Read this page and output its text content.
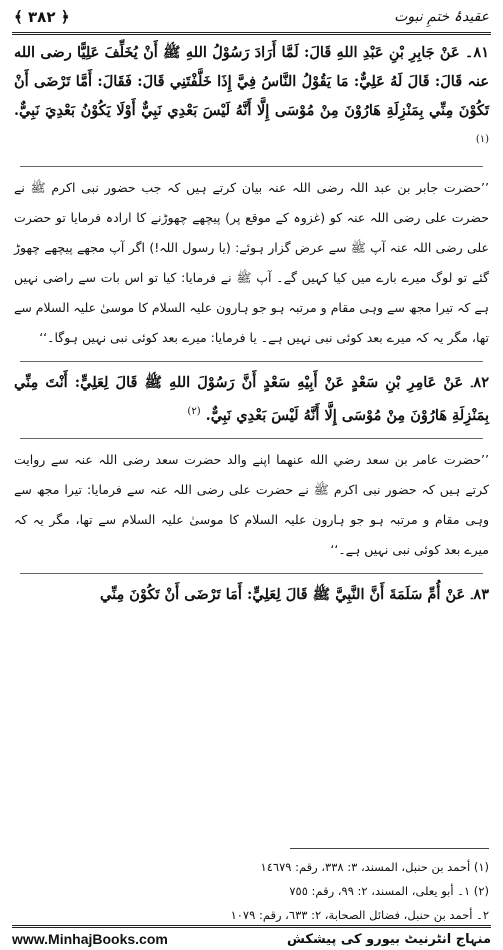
﴿ ۳۸۲ ﴾	عقیدۂ ختمِ نبوت

٨١۔ عَنْ جَابِرِ بْنِ عَبْدِ اللهِ قَالَ: لَمَّا أَرَادَ رَسُوْلُ اللهِ ﷺ أَنْ يُخَلِّفَ عَلِيًّا رضی الله عنہ قَالَ: قَالَ لَهُ عَلِيٌّ: مَا يَقُوْلُ النَّاسُ فِيَّ إِذَا خَلَّفْتَنِي قَالَ: فَقَالَ: أَمَّا تَرْضَى أَنْ تَكُوْنَ مِنِّي بِمَنْزِلَةِ هَارُوْنَ مِنْ مُوْسَى إِلَّا أَنَّهُ لَيْسَ بَعْدِي نَبِيٌّ أَوْلَا يَكُوْنُ بَعْدِيَ نَبِيٌّ. $^{(١)}$

’’حضرت جابر بن عبد اللہ رضی اللہ عنہ بیان کرتے ہیں کہ جب حضور نبی اکرم ﷺ نے حضرت علی رضی اللہ عنہ کو (غزوہ کے موقع پر) پیچھے چھوڑنے کا ارادہ فرمایا تو حضرت علی رضی اللہ عنہ آپ ﷺ سے عرض گزار ہوئے: (یا رسول اللہ!) اگر آپ مجھے پیچھے چھوڑ گئے تو لوگ میرے بارے میں کیا کہیں گے۔ آپ ﷺ نے فرمایا: کیا تو اس بات سے راضی نہیں ہے کہ تیرا مجھ سے وہی مقام و مرتبہ ہو جو ہارون علیہ السلام کا موسیٰ علیہ السلام سے تھا، مگر یہ کہ میرے بعد کوئی نبی نہیں ہے۔ یا فرمایا: میرے بعد کوئی نبی نہیں ہوگا۔‘‘

٨٢۔ عَنْ عَامِرِ بْنِ سَعْدٍ عَنْ أَبِيْهِ سَعْدٍ أَنَّ رَسُوْلَ اللهِ ﷺ قَالَ لِعَلِيٍّ: أَنْتَ مِنِّي بِمَنْزِلَةِ هَارُوْنَ مِنْ مُوْسَى إِلَّا أَنَّهُ لَيْسَ بَعْدِي نَبِيٌّ. $^{(٢)}$

’’حضرت عامر بن سعد رضي الله عنهما اپنے والد حضرت سعد رضی اللہ عنہ سے روایت کرتے ہیں کہ حضور نبی اکرم ﷺ نے حضرت علی رضی اللہ عنہ سے فرمایا: تیرا مجھ سے وہی مقام و مرتبہ ہو جو ہارون علیہ السلام کا موسیٰ علیہ السلام سے تھا، مگر یہ کہ میرے بعد کوئی نبی نہیں ہے۔‘‘

٨٣۔ عَنْ أُمِّ سَلَمَةَ أَنَّ النَّبِيَّ ﷺ قَالَ لِعَلِيٍّ: أَمَا تَرْضَى أَنْ تَكُوْنَ مِنِّي

(١) أحمد بن حنبل، المسند، ٣: ٣٣٨، رقم: ١٤٦٧٩
(٢) ١۔ أبو يعلى، المسند، ٢: ٩٩، رقم: ٧٥٥
٢۔ أحمد بن حنبل، فضائل الصحابة، ٢: ٦٣٣، رقم: ١٠٧٩
www.MinhajBooks.com	منہاج انٹرنیٹ بیورو کی پیشکش
